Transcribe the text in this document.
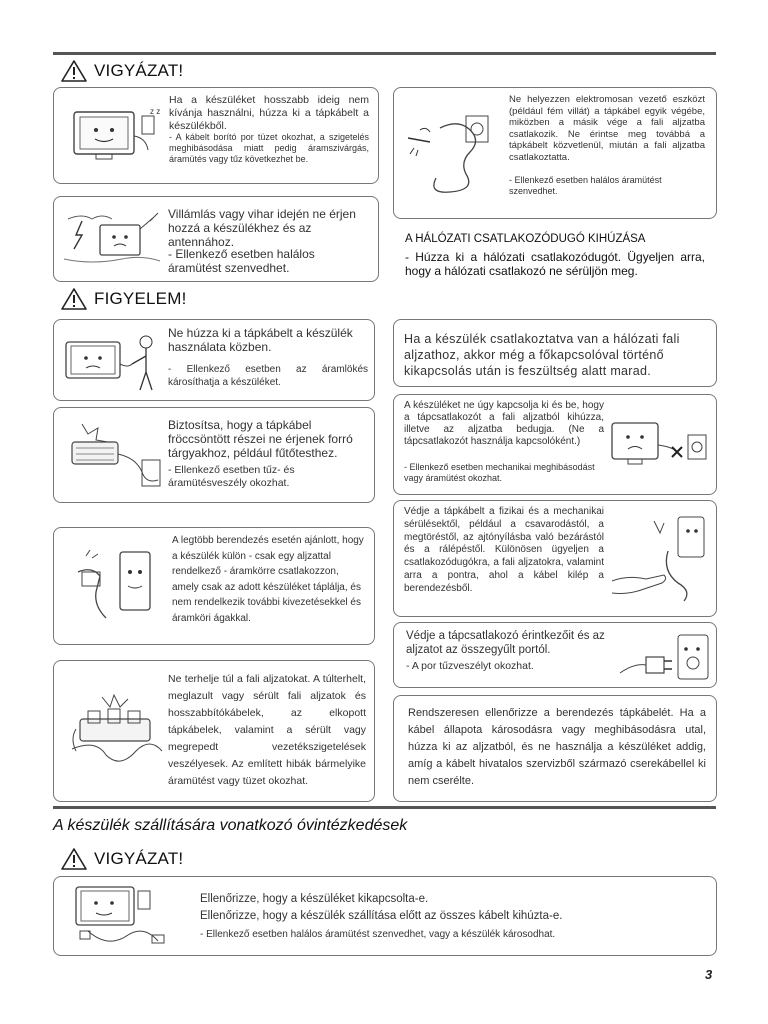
VIGYÁZAT!
z z
Ha a készüléket hosszabb ideig nem kívánja használni, húzza ki a tápkábelt a készülékből.
- A kábelt borító por tüzet okozhat, a szigetelés meghibásodása miatt pedig áramszivárgás, áramütés vagy tűz következhet be.
Villámlás vagy vihar idején ne érjen hozzá a készülékhez és az antennához.
- Ellenkező esetben halálos áramütést szenvedhet.
Ne helyezzen elektromosan vezető eszközt (például fém villát) a tápkábel egyik végébe, miközben a másik vége a fali aljzatba csatlakozik. Ne érintse meg továbbá a tápkábelt közvetlenül, miután a fali aljzatba csatlakoztatta.
- Ellenkező esetben halálos áramütést szenvedhet.
A HÁLÓZATI CSATLAKOZÓDUGÓ KIHÚZÁSA
- Húzza ki a hálózati csatlakozódugót. Ügyeljen arra, hogy a hálózati csatlakozó ne sérüljön meg.
FIGYELEM!
Ne húzza ki a tápkábelt a készülék használata közben.
- Ellenkező esetben az áramlökés károsíthatja a készüléket.
Ha a készülék csatlakoztatva van a hálózati fali aljzathoz, akkor még a főkapcsolóval történő kikapcsolás után is feszültség alatt marad.
Biztosítsa, hogy a tápkábel fröccsöntött részei ne érjenek forró tárgyakhoz, például fűtőtesthez.
- Ellenkező esetben tűz- és áramütésveszély okozhat.
A készüléket ne úgy kapcsolja ki és be, hogy a tápcsatlakozót a fali aljzatból kihúzza, illetve az aljzatba bedugja. (Ne a tápcsatlakozót használja kapcsolóként.)
- Ellenkező esetben mechanikai meghibásodást vagy áramütést okozhat.
A legtöbb berendezés esetén ajánlott, hogy a készülék külön - csak egy aljzattal rendelkező - áramkörre csatlakozzon, amely csak az adott készüléket táplálja, és nem rendelkezik további kivezetésekkel és áramköri ágakkal.
Védje a tápkábelt a fizikai és a mechanikai sérülésektől, például a csavarodástól, a megtöréstől, az ajtónyílásba való bezárástól és a rálépéstől. Különösen ügyeljen a csatlakozódugókra, a fali aljzatokra, valamint arra a pontra, ahol a kábel kilép a berendezésből.
Védje a tápcsatlakozó érintkezőit és az aljzatot az összegyűlt portól.
- A por tűzveszélyt okozhat.
Ne terhelje túl a fali aljzatokat. A túlterhelt, meglazult vagy sérült fali aljzatok és hosszabbítókábelek, az elkopott tápkábelek, valamint a sérült vagy megrepedt vezetékszigetelések veszélyesek. Az említett hibák bármelyike áramütést vagy tüzet okozhat.
Rendszeresen ellenőrizze a berendezés tápkábelét. Ha a kábel állapota károsodásra vagy meghibásodásra utal, húzza ki az aljzatból, és ne használja a készüléket addig, amíg a kábelt hivatalos szervizből származó cserekábellel ki nem cserélte.
A készülék szállítására vonatkozó óvintézkedések
VIGYÁZAT!
Ellenőrizze, hogy a készüléket kikapcsolta-e.
Ellenőrizze, hogy a készülék szállítása előtt az összes kábelt kihúzta-e.
- Ellenkező esetben halálos áramütést szenvedhet, vagy a készülék károsodhat.
3
